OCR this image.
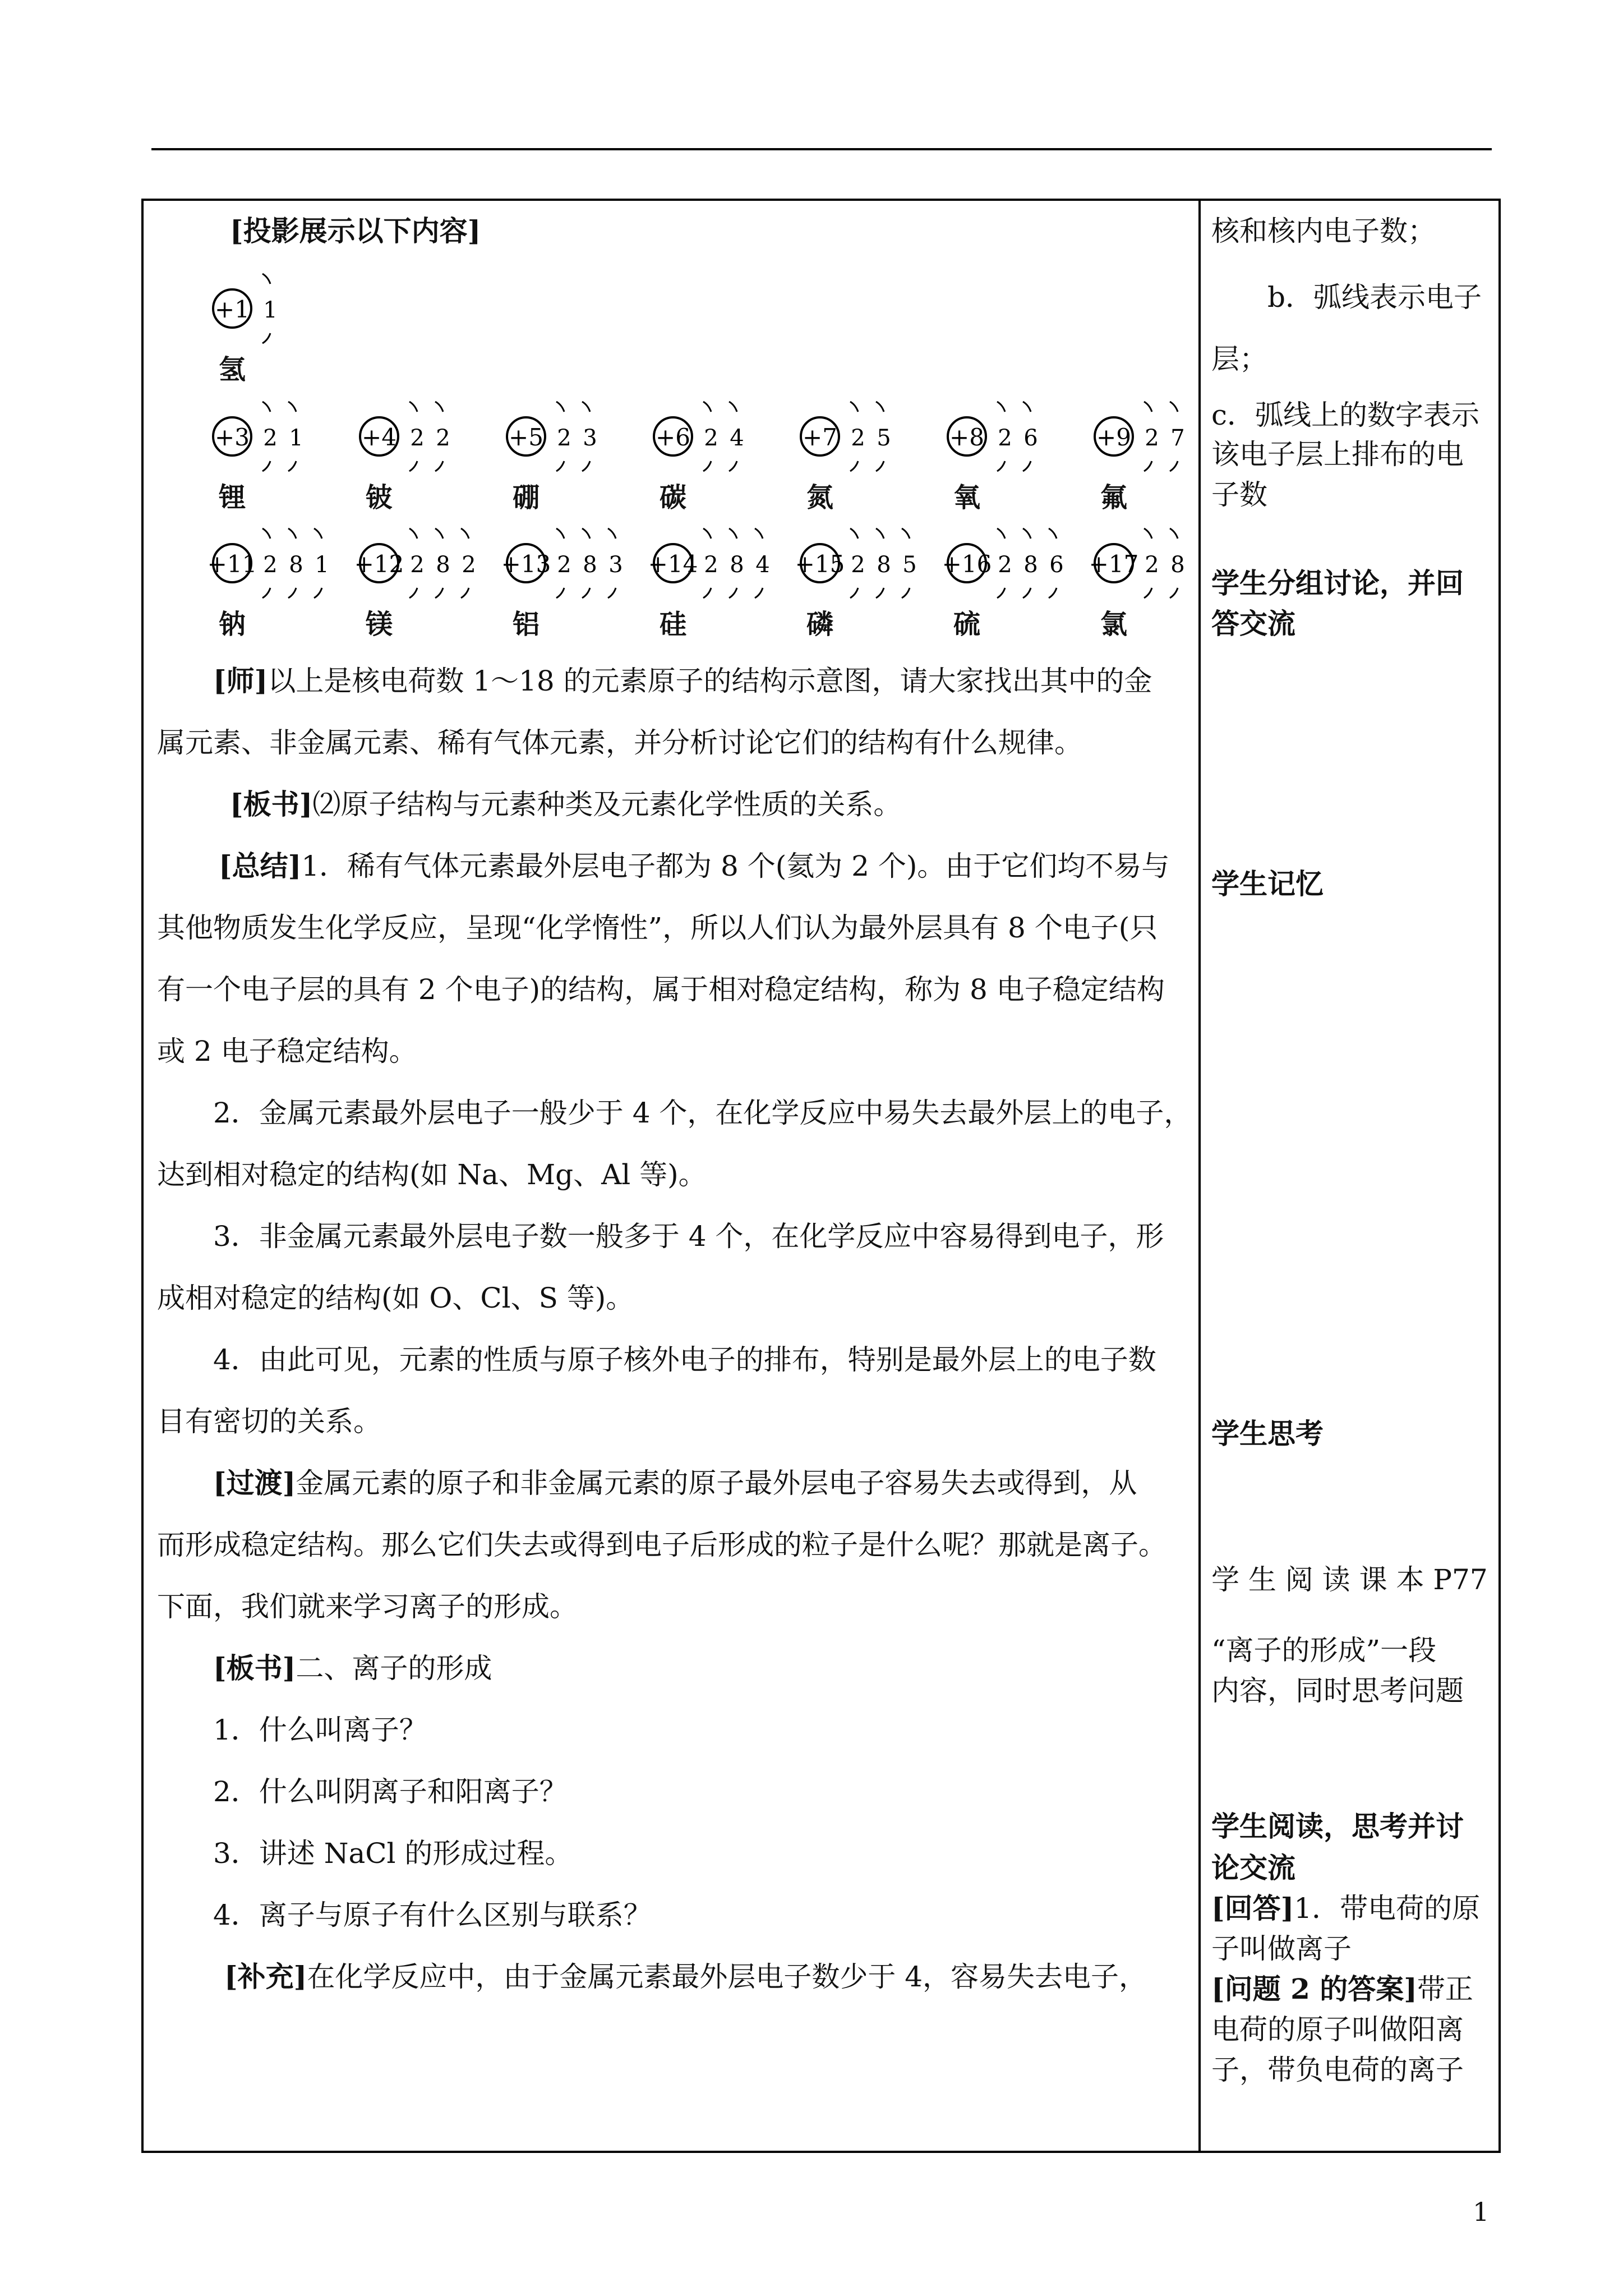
[投影展示以下内容]
+1 1
+3 2 1 +4 2 2 +5 2 3 +6 2 4 +7 2 5 +8 2 6 +9 2 7
+11 2 8 1 +12 2 8 2 +13 2 8 3 +14 2 8 4 +15 2 8 5 +16 2 8 6 +17 2 8
氢
锂	铍	硼	碳	氮	氧	氟
钠	镁	铝	硅	磷	硫	氯
[师]以上是核电荷数 1～18 的元素原子的结构示意图，请大家找出其中的金
属元素、非金属元素、稀有气体元素，并分析讨论它们的结构有什么规律。
[板书]⑵原子结构与元素种类及元素化学性质的关系。
[总结]1．稀有气体元素最外层电子都为 8 个(氦为 2 个)。由于它们均不易与
其他物质发生化学反应，呈现“化学惰性”，所以人们认为最外层具有 8 个电子(只
有一个电子层的具有 2 个电子)的结构，属于相对稳定结构，称为 8 电子稳定结构
或 2 电子稳定结构。
2．金属元素最外层电子一般少于 4 个，在化学反应中易失去最外层上的电子，
达到相对稳定的结构(如 Na、Mg、Al 等)。
3．非金属元素最外层电子数一般多于 4 个，在化学反应中容易得到电子，形
成相对稳定的结构(如 O、Cl、S 等)。
4．由此可见，元素的性质与原子核外电子的排布，特别是最外层上的电子数
目有密切的关系。
[过渡]金属元素的原子和非金属元素的原子最外层电子容易失去或得到，从
而形成稳定结构。那么它们失去或得到电子后形成的粒子是什么呢？那就是离子。
下面，我们就来学习离子的形成。
[板书]二、离子的形成
1．什么叫离子？
2．什么叫阴离子和阳离子？
3．讲述 NaCl 的形成过程。
4．离子与原子有什么区别与联系？
[补充]在化学反应中，由于金属元素最外层电子数少于 4，容易失去电子，
核和核内电子数；
b．弧线表示电子
层；
c．弧线上的数字表示
该电子层上排布的电
子数
学生分组讨论，并回
答交流
学生记忆
学生思考
学 生 阅 读 课 本 P77
“离子的形成”一段
内容，同时思考问题
学生阅读，思考并讨
论交流
[回答]1．带电荷的原
子叫做离子
[问题 2 的答案]带正
电荷的原子叫做阳离
子，带负电荷的离子
1
